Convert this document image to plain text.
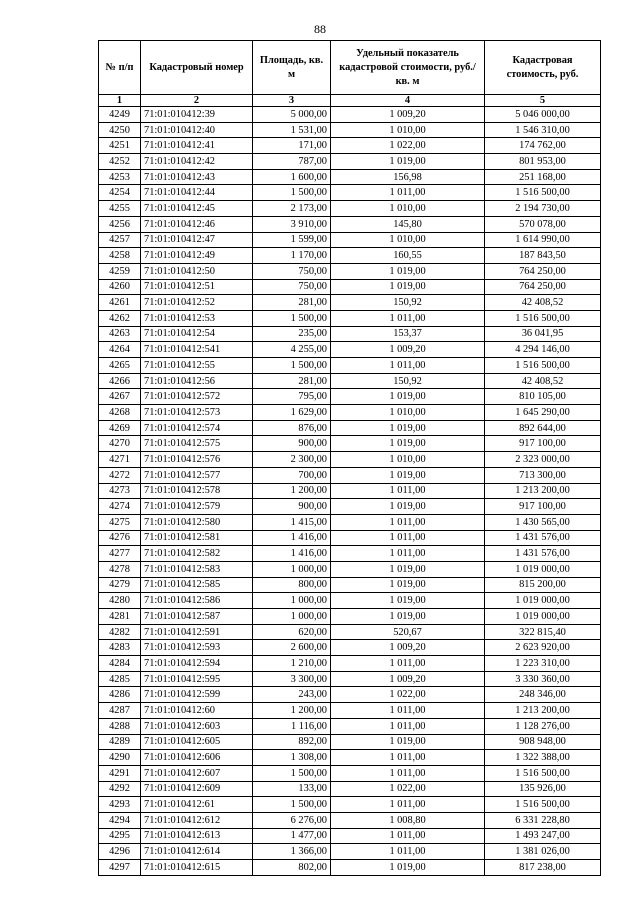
88
№ п/п	Кадастровый номер	Площадь, кв. м	Удельный показатель кадастровой стоимости, руб./кв. м	Кадастровая стоимость, руб.
1	2	3	4	5
4249	71:01:010412:39	5 000,00	1 009,20	5 046 000,00
4250	71:01:010412:40	1 531,00	1 010,00	1 546 310,00
4251	71:01:010412:41	171,00	1 022,00	174 762,00
4252	71:01:010412:42	787,00	1 019,00	801 953,00
4253	71:01:010412:43	1 600,00	156,98	251 168,00
4254	71:01:010412:44	1 500,00	1 011,00	1 516 500,00
4255	71:01:010412:45	2 173,00	1 010,00	2 194 730,00
4256	71:01:010412:46	3 910,00	145,80	570 078,00
4257	71:01:010412:47	1 599,00	1 010,00	1 614 990,00
4258	71:01:010412:49	1 170,00	160,55	187 843,50
4259	71:01:010412:50	750,00	1 019,00	764 250,00
4260	71:01:010412:51	750,00	1 019,00	764 250,00
4261	71:01:010412:52	281,00	150,92	42 408,52
4262	71:01:010412:53	1 500,00	1 011,00	1 516 500,00
4263	71:01:010412:54	235,00	153,37	36 041,95
4264	71:01:010412:541	4 255,00	1 009,20	4 294 146,00
4265	71:01:010412:55	1 500,00	1 011,00	1 516 500,00
4266	71:01:010412:56	281,00	150,92	42 408,52
4267	71:01:010412:572	795,00	1 019,00	810 105,00
4268	71:01:010412:573	1 629,00	1 010,00	1 645 290,00
4269	71:01:010412:574	876,00	1 019,00	892 644,00
4270	71:01:010412:575	900,00	1 019,00	917 100,00
4271	71:01:010412:576	2 300,00	1 010,00	2 323 000,00
4272	71:01:010412:577	700,00	1 019,00	713 300,00
4273	71:01:010412:578	1 200,00	1 011,00	1 213 200,00
4274	71:01:010412:579	900,00	1 019,00	917 100,00
4275	71:01:010412:580	1 415,00	1 011,00	1 430 565,00
4276	71:01:010412:581	1 416,00	1 011,00	1 431 576,00
4277	71:01:010412:582	1 416,00	1 011,00	1 431 576,00
4278	71:01:010412:583	1 000,00	1 019,00	1 019 000,00
4279	71:01:010412:585	800,00	1 019,00	815 200,00
4280	71:01:010412:586	1 000,00	1 019,00	1 019 000,00
4281	71:01:010412:587	1 000,00	1 019,00	1 019 000,00
4282	71:01:010412:591	620,00	520,67	322 815,40
4283	71:01:010412:593	2 600,00	1 009,20	2 623 920,00
4284	71:01:010412:594	1 210,00	1 011,00	1 223 310,00
4285	71:01:010412:595	3 300,00	1 009,20	3 330 360,00
4286	71:01:010412:599	243,00	1 022,00	248 346,00
4287	71:01:010412:60	1 200,00	1 011,00	1 213 200,00
4288	71:01:010412:603	1 116,00	1 011,00	1 128 276,00
4289	71:01:010412:605	892,00	1 019,00	908 948,00
4290	71:01:010412:606	1 308,00	1 011,00	1 322 388,00
4291	71:01:010412:607	1 500,00	1 011,00	1 516 500,00
4292	71:01:010412:609	133,00	1 022,00	135 926,00
4293	71:01:010412:61	1 500,00	1 011,00	1 516 500,00
4294	71:01:010412:612	6 276,00	1 008,80	6 331 228,80
4295	71:01:010412:613	1 477,00	1 011,00	1 493 247,00
4296	71:01:010412:614	1 366,00	1 011,00	1 381 026,00
4297	71:01:010412:615	802,00	1 019,00	817 238,00
